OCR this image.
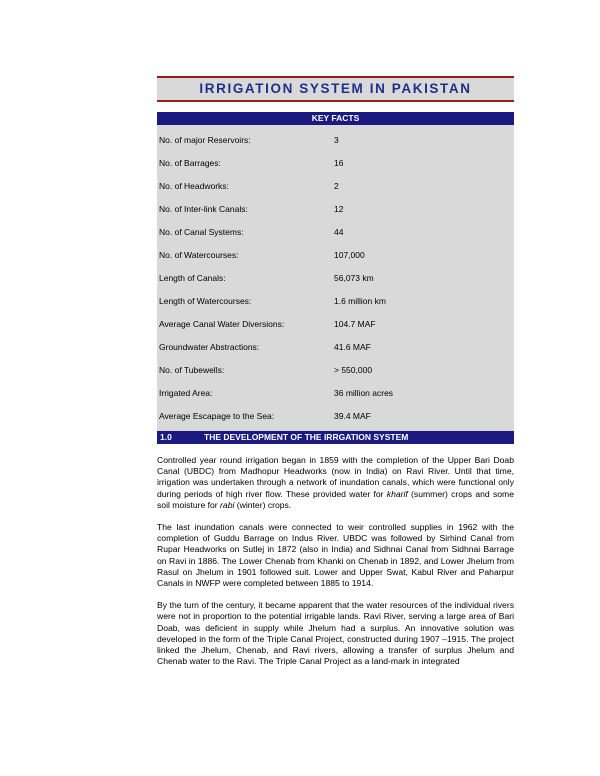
IRRIGATION SYSTEM IN PAKISTAN
KEY FACTS
No. of major Reservoirs:	3
No. of Barrages:	16
No. of Headworks:	2
No. of Inter-link Canals:	12
No. of Canal Systems:	44
No. of Watercourses:	107,000
Length of Canals:	56,073 km
Length of Watercourses:	1.6 million km
Average Canal Water Diversions:	104.7 MAF
Groundwater Abstractions:	41.6 MAF
No. of Tubewells:	> 550,000
Irrigated Area:	36 million acres
Average Escapage to the Sea:	39.4 MAF
1.0	THE DEVELOPMENT OF THE IRRGATION SYSTEM

Controlled year round irrigation began in 1859 with the completion of the Upper Bari Doab Canal (UBDC) from Madhopur Headworks (now in India) on Ravi River. Until that time, irrigation was undertaken through a network of inundation canals, which were functional only during periods of high river flow. These provided water for kharif (summer) crops and some soil moisture for rabi (winter) crops.

The last inundation canals were connected to weir controlled supplies in 1962 with the completion of Guddu Barrage on Indus River. UBDC was followed by Sirhind Canal from Rupar Headworks on Sutlej in 1872 (also in India) and Sidhnai Canal from Sidhnai Barrage on Ravi in 1886. The Lower Chenab from Khanki on Chenab in 1892, and Lower Jhelum from Rasul on Jhelum in 1901 followed suit. Lower and Upper Swat, Kabul River and Paharpur Canals in NWFP were completed between 1885 to 1914.

By the turn of the century, it became apparent that the water resources of the individual rivers were not in proportion to the potential irrigable lands. Ravi River, serving a large area of Bari Doab, was deficient in supply while Jhelum had a surplus. An innovative solution was developed in the form of the Triple Canal Project, constructed during 1907 –1915. The project linked the Jhelum, Chenab, and Ravi rivers, allowing a transfer of surplus Jhelum and Chenab water to the Ravi. The Triple Canal Project as a land-mark in integrated
